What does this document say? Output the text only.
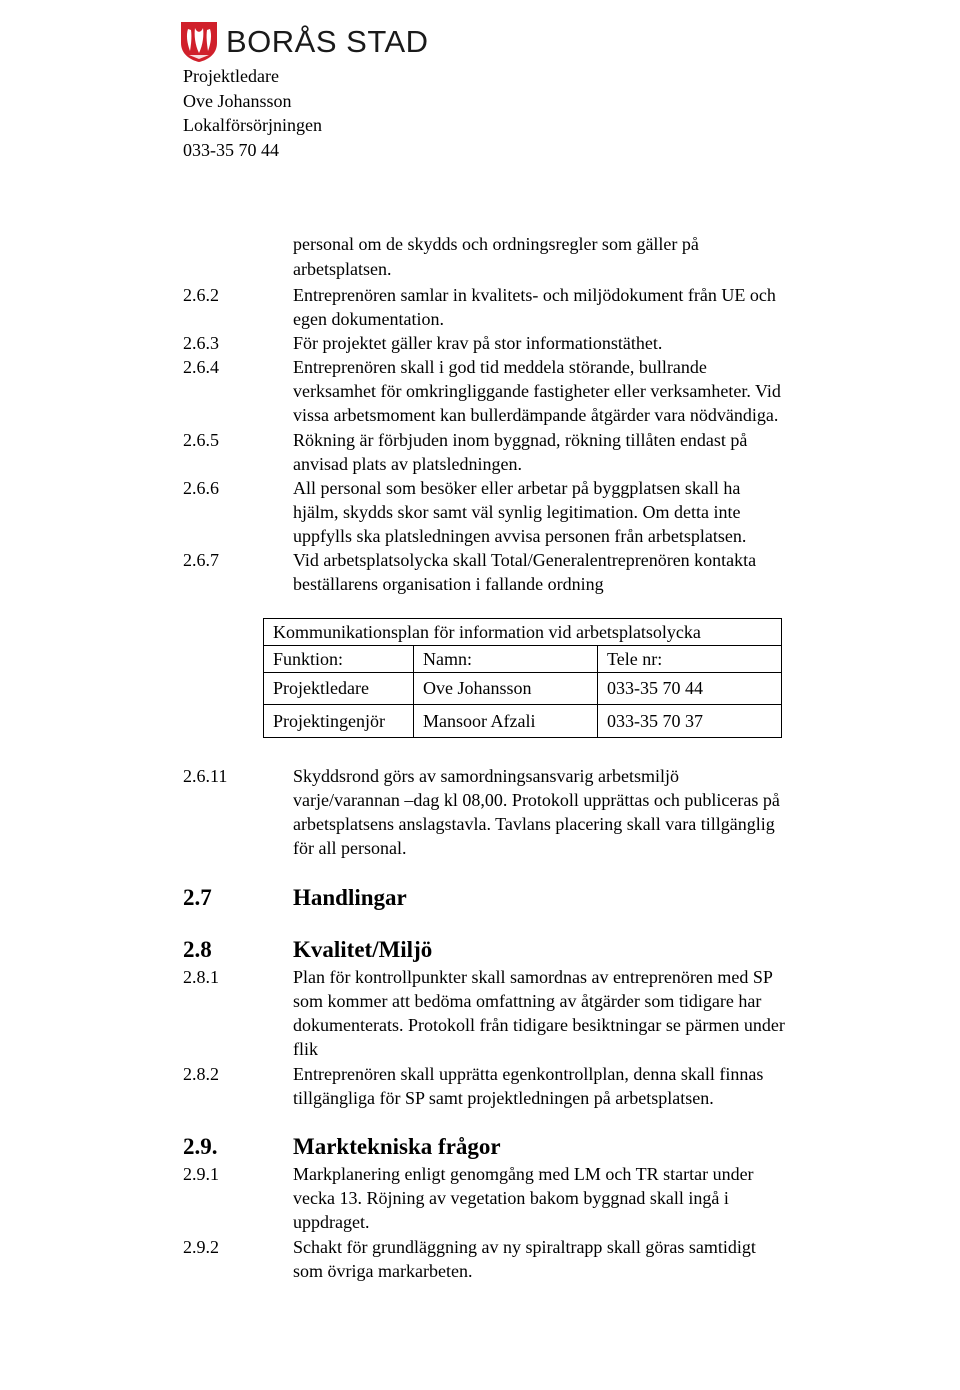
BORÅS STAD
Projektledare
Ove Johansson
Lokalförsörjningen
033-35 70 44
personal om de skydds och ordningsregler som gäller på
arbetsplatsen.
2.6.2	Entreprenören samlar in kvalitets- och miljödokument från UE och
egen dokumentation.
2.6.3	För projektet gäller krav på stor informationstäthet.
2.6.4	Entreprenören skall i god tid meddela störande, bullrande
verksamhet för omkringliggande fastigheter eller verksamheter. Vid
vissa arbetsmoment kan bullerdämpande åtgärder vara nödvändiga.
2.6.5	Rökning är förbjuden inom byggnad, rökning tillåten endast på
anvisad plats av platsledningen.
2.6.6	All personal som besöker eller arbetar på byggplatsen skall ha
hjälm, skydds skor samt väl synlig legitimation. Om detta inte
uppfylls ska platsledningen avvisa personen från arbetsplatsen.
2.6.7	Vid arbetsplatsolycka skall Total/Generalentreprenören kontakta
beställarens organisation i fallande ordning
Kommunikationsplan för information vid arbetsplatsolycka		
Funktion:	Namn:	Tele nr:
Projektledare	Ove Johansson	033-35 70 44
Projektingenjör	Mansoor Afzali	033-35 70 37
2.6.11	Skyddsrond görs av samordningsansvarig arbetsmiljö
varje/varannan –dag kl 08,00. Protokoll upprättas och publiceras på
arbetsplatsens anslagstavla. Tavlans placering skall vara tillgänglig
för all personal.
2.7	Handlingar
2.8	Kvalitet/Miljö
2.8.1	Plan för kontrollpunkter skall samordnas av entreprenören med SP
som kommer att bedöma omfattning av åtgärder som tidigare har
dokumenterats. Protokoll från tidigare besiktningar se pärmen under
flik
2.8.2	Entreprenören skall upprätta egenkontrollplan, denna skall finnas
tillgängliga för SP samt projektledningen på arbetsplatsen.
2.9.	Marktekniska frågor
2.9.1	Markplanering enligt genomgång med LM och TR startar under
vecka 13. Röjning av vegetation bakom byggnad skall ingå i
uppdraget.
2.9.2	Schakt för grundläggning av ny spiraltrapp skall göras samtidigt
som övriga markarbeten.
